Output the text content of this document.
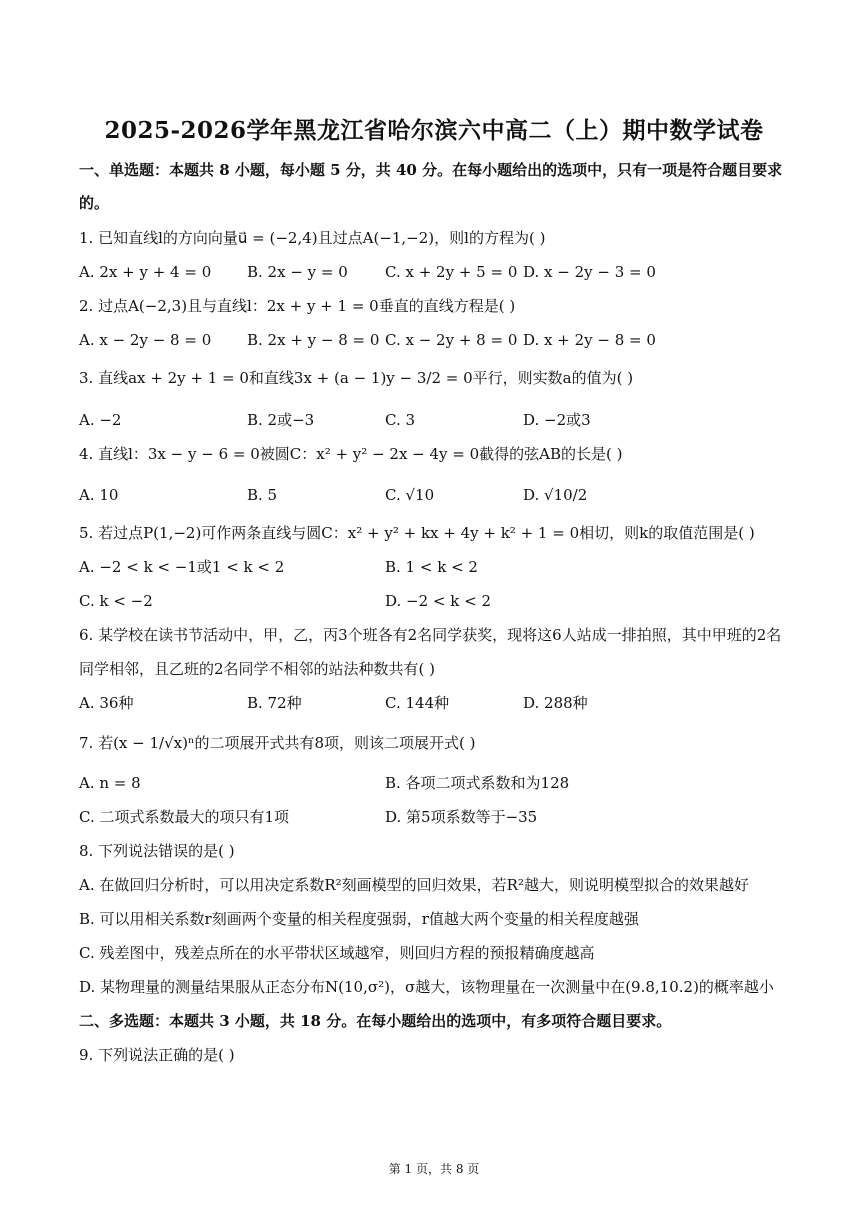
2025-2026学年黑龙江省哈尔滨六中高二（上）期中数学试卷
一、单选题：本题共 8 小题，每小题 5 分，共 40 分。在每小题给出的选项中，只有一项是符合题目要求
的。
1. 已知直线l的方向向量u⃗ = (−2,4)且过点A(−1,−2)，则l的方程为( )
A. 2x + y + 4 = 0 B. 2x − y = 0 C. x + 2y + 5 = 0 D. x − 2y − 3 = 0
2. 过点A(−2,3)且与直线l：2x + y + 1 = 0垂直的直线方程是( )
A. x − 2y − 8 = 0 B. 2x + y − 8 = 0 C. x − 2y + 8 = 0 D. x + 2y − 8 = 0
3. 直线ax + 2y + 1 = 0和直线3x + (a − 1)y − 3/2 = 0平行，则实数a的值为( )
A. −2	B. 2或−3	C. 3	D. −2或3
4. 直线l：3x − y − 6 = 0被圆C：x² + y² − 2x − 4y = 0截得的弦AB的长是( )
A. 10	B. 5	C. √10	D. √10/2
5. 若过点P(1,−2)可作两条直线与圆C：x² + y² + kx + 4y + k² + 1 = 0相切，则k的取值范围是( )
A. −2 < k < −1或1 < k < 2	B. 1 < k < 2
C. k < −2	D. −2 < k < 2
6. 某学校在读书节活动中，甲，乙，丙3个班各有2名同学获奖，现将这6人站成一排拍照，其中甲班的2名
同学相邻，且乙班的2名同学不相邻的站法种数共有( )
A. 36种	B. 72种	C. 144种	D. 288种
7. 若(x − 1/√x)ⁿ的二项展开式共有8项，则该二项展开式( )
A. n = 8	B. 各项二项式系数和为128
C. 二项式系数最大的项只有1项	D. 第5项系数等于−35
8. 下列说法错误的是( )
A. 在做回归分析时，可以用决定系数R²刻画模型的回归效果，若R²越大，则说明模型拟合的效果越好
B. 可以用相关系数r刻画两个变量的相关程度强弱，r值越大两个变量的相关程度越强
C. 残差图中，残差点所在的水平带状区域越窄，则回归方程的预报精确度越高
D. 某物理量的测量结果服从正态分布N(10,σ²)，σ越大，该物理量在一次测量中在(9.8,10.2)的概率越小
二、多选题：本题共 3 小题，共 18 分。在每小题给出的选项中，有多项符合题目要求。
9. 下列说法正确的是( )
第 1 页，共 8 页
